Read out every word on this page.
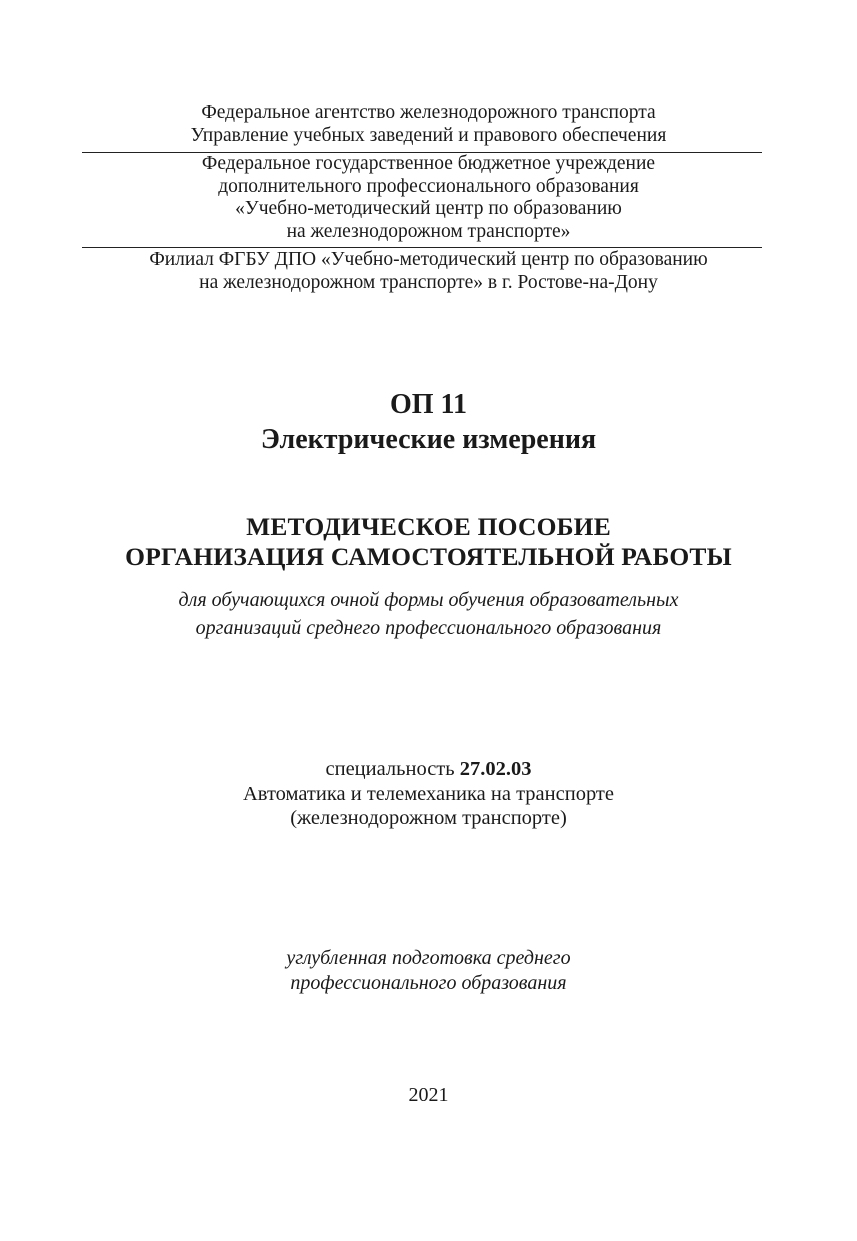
Федеральное агентство железнодорожного транспорта
Управление учебных заведений и правового обеспечения
Федеральное государственное бюджетное учреждение
дополнительного профессионального образования
«Учебно-методический центр по образованию
на железнодорожном транспорте»
Филиал ФГБУ ДПО «Учебно-методический центр по образованию
на железнодорожном транспорте» в г. Ростове-на-Дону
ОП 11
Электрические измерения
МЕТОДИЧЕСКОЕ ПОСОБИЕ
ОРГАНИЗАЦИЯ САМОСТОЯТЕЛЬНОЙ РАБОТЫ
для обучающихся очной формы обучения образовательных
организаций среднего профессионального образования
специальность 27.02.03
Автоматика и телемеханика на транспорте
(железнодорожном транспорте)
углубленная подготовка среднего
профессионального образования
2021
